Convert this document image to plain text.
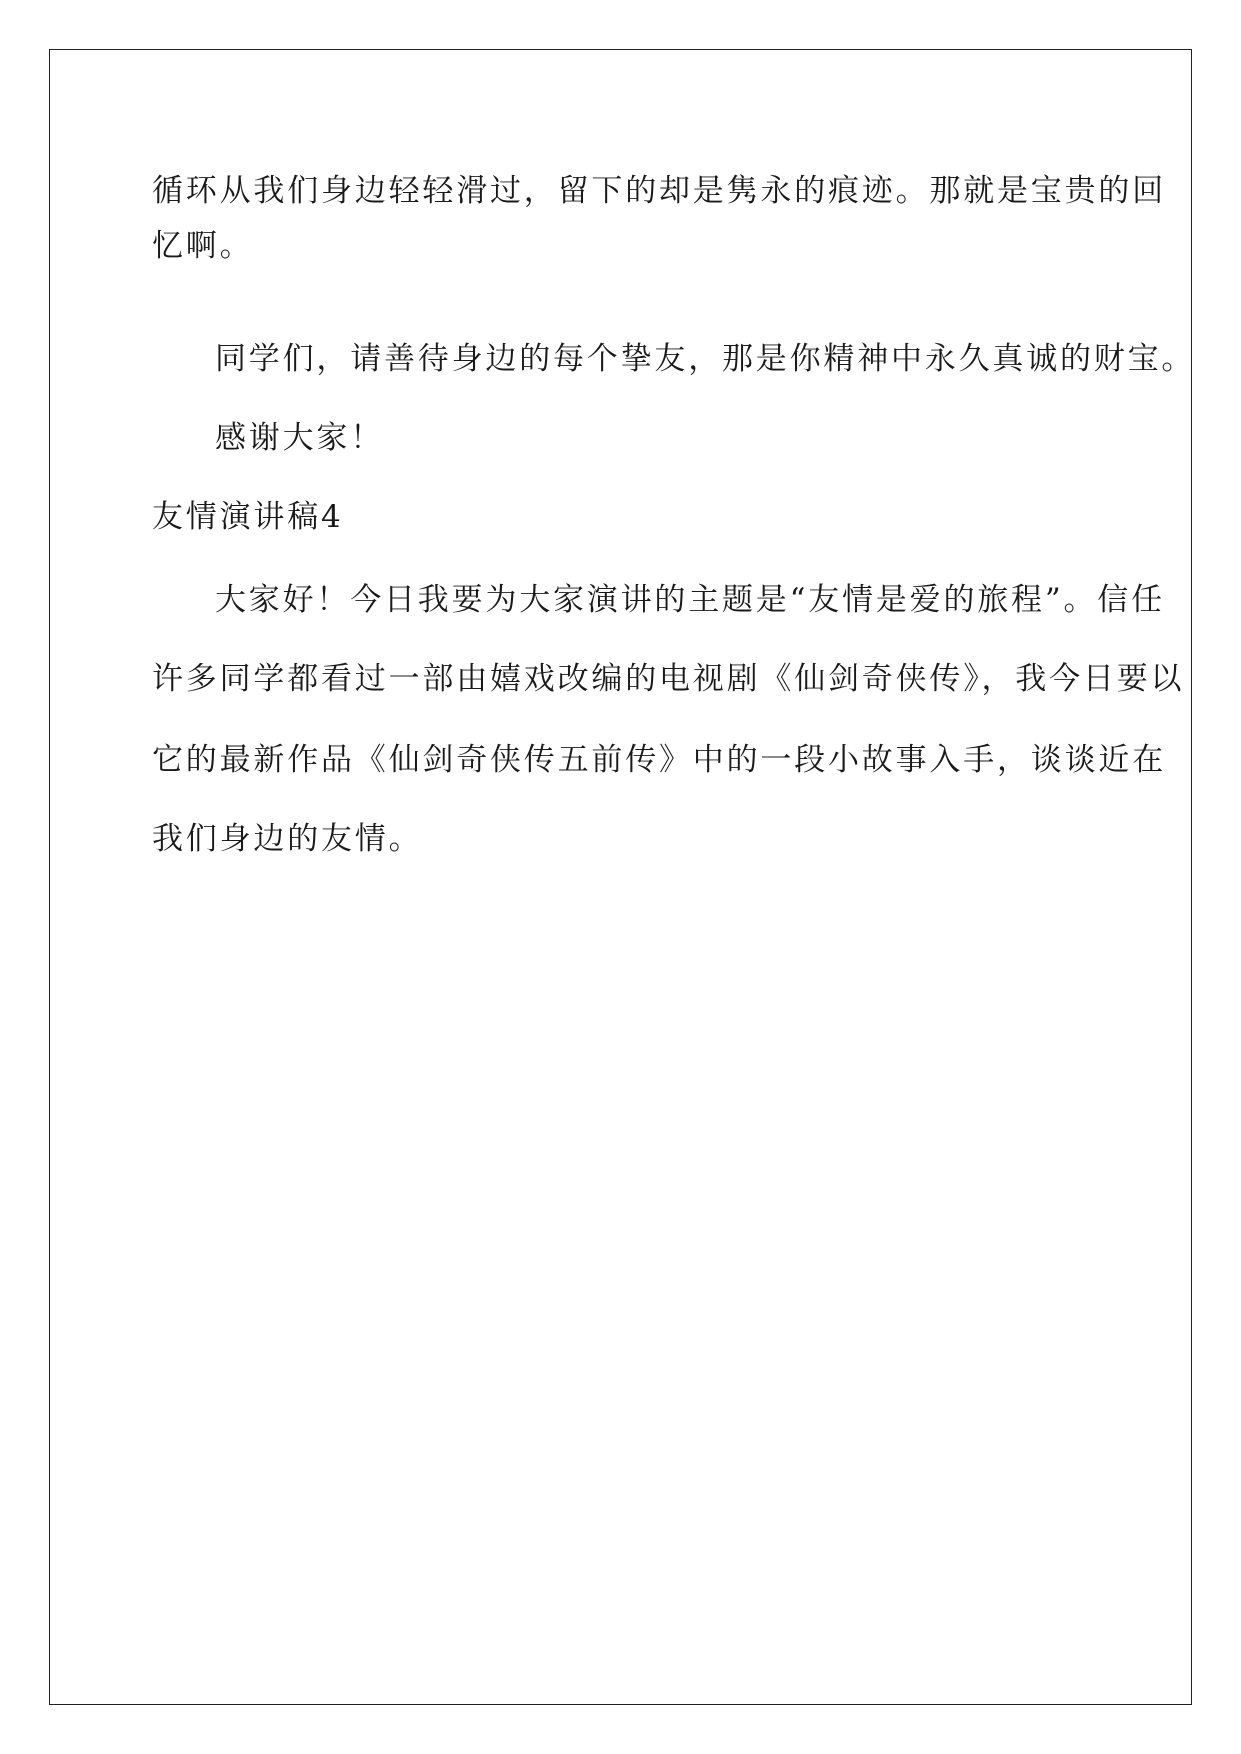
循环从我们身边轻轻滑过，留下的却是隽永的痕迹。那就是宝贵的回
忆啊。
同学们，请善待身边的每个挚友，那是你精神中永久真诚的财宝。
感谢大家！
友情演讲稿4
大家好！今日我要为大家演讲的主题是“友情是爱的旅程”。信任
许多同学都看过一部由嬉戏改编的电视剧《仙剑奇侠传》，我今日要以
它的最新作品《仙剑奇侠传五前传》中的一段小故事入手，谈谈近在
我们身边的友情。
